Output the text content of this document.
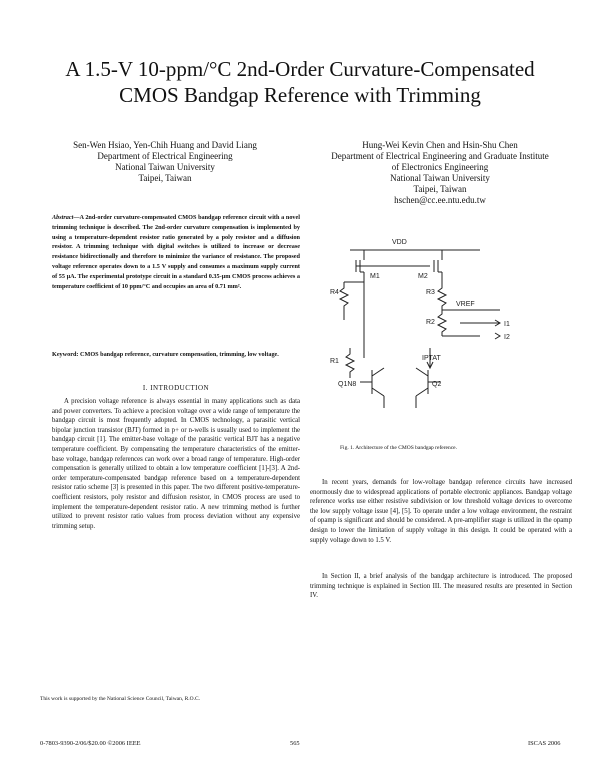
A 1.5-V 10-ppm/°C 2nd-Order Curvature-Compensated
CMOS Bandgap Reference with Trimming
Sen-Wen Hsiao, Yen-Chih Huang and David Liang
Department of Electrical Engineering
National Taiwan University
Taipei, Taiwan
Hung-Wei Kevin Chen and Hsin-Shu Chen
Department of Electrical Engineering and Graduate Institute
of Electronics Engineering
National Taiwan University
Taipei, Taiwan
hschen@cc.ee.ntu.edu.tw
Abstract—A 2nd-order curvature-compensated CMOS bandgap reference circuit with a novel trimming technique is described. The 2nd-order curvature compensation is implemented by using a temperature-dependent resistor ratio generated by a poly resistor and a diffusion resistor. A trimming technique with digital switches is utilized to increase or decrease resistance bidirectionally and therefore to minimize the variance of resistance. The proposed voltage reference operates down to a 1.5 V supply and consumes a maximum supply current of 55 µA. The experimental prototype circuit in a standard 0.35-µm CMOS process achieves a temperature coefficient of 10 ppm/°C and occupies an area of 0.71 mm².
Keyword: CMOS bandgap reference, curvature compensation, trimming, low voltage.
I. INTRODUCTION
A precision voltage reference is always essential in many applications such as data and power converters. To achieve a precision voltage over a wide range of temperature the bandgap circuit is most frequently adopted. In CMOS technology, a parasitic vertical bipolar junction transistor (BJT) formed in p+ or n-wells is usually used to implement the bandgap circuit [1]. The emitter-base voltage of the parasitic vertical BJT has a negative temperature coefficient. By compensating the temperature characteristics of the emitter-base voltage, bandgap references can work over a broad range of temperature. High-order compensation is generally utilized to obtain a low temperature coefficient [1]-[3]. A 2nd-order temperature-compensated bandgap reference based on a temperature-dependent resistor ratio scheme [3] is presented in this paper. The two different positive-temperature-coefficient resistors, poly resistor and diffusion resistor, in CMOS process are used to implement the temperature-dependent resistor ratio. A new trimming method is further utilized to prevent resistor ratio values from process deviation without any expensive trimming setup.
VDD
M1	M2
R4	R3
VREF
R2	I1
I2
R1	IPTAT
Q1N8	Q2
Fig. 1. Architecture of the CMOS bandgap reference.
In recent years, demands for low-voltage bandgap reference circuits have increased enormously due to widespread applications of portable electronic appliances. Bandgap voltage reference works use either resistive subdivision or low threshold voltage devices to overcome the low supply voltage issue [4], [5]. To operate under a low voltage environment, the restraint of opamp is significant and should be considered. A pre-amplifier stage is utilized in the opamp design to lower the limitation of supply voltage in this design. It could be operated with a supply voltage down to 1.5 V.
In Section II, a brief analysis of the bandgap architecture is introduced. The proposed trimming technique is explained in Section III. The measured results are presented in Section IV.
This work is supported by the National Science Council, Taiwan, R.O.C.
0-7803-9390-2/06/$20.00 ©2006 IEEE	565	ISCAS 2006
